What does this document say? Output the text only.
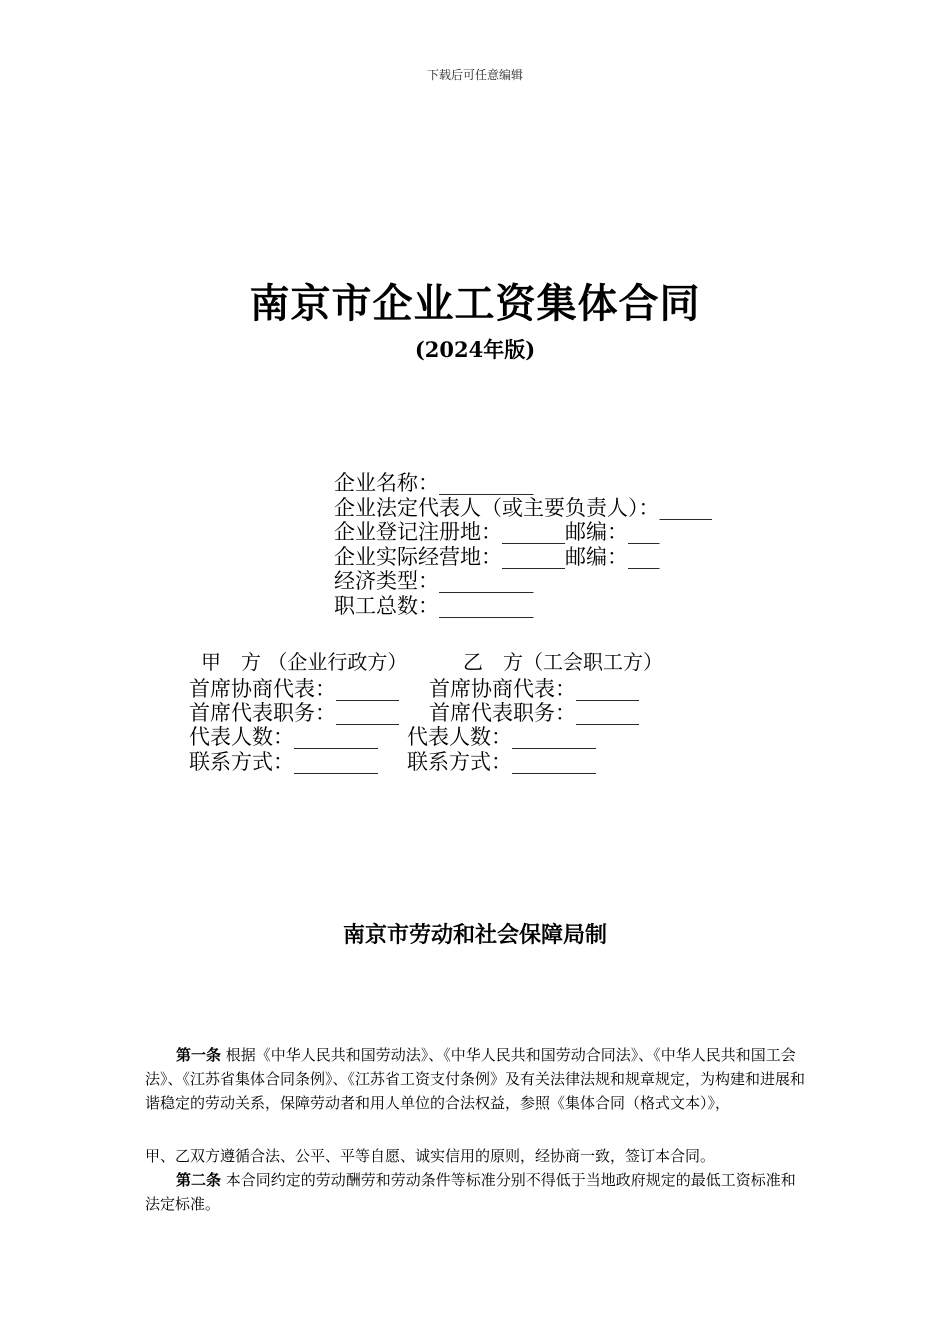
下载后可任意编辑
南京市企业工资集体合同
(2024年版)
企业名称：_________
企业法定代表人（或主要负责人）：_____
企业登记注册地：______邮编：___
企业实际经营地：______邮编：___
经济类型：_________
职工总数：_________
甲　方 （企业行政方）	乙　方（工会职工方）
首席协商代表：______ 首席协商代表：______
首席代表职务：______ 首席代表职务：______
代表人数：________ 代表人数：________
联系方式：________ 联系方式：________
南京市劳动和社会保障局制
第一条 根据《中华人民共和国劳动法》、《中华人民共和国劳动合同法》、《中华人民共和国工会法》、《江苏省集体合同条例》、《江苏省工资支付条例》及有关法律法规和规章规定，为构建和进展和谐稳定的劳动关系，保障劳动者和用人单位的合法权益，参照《集体合同（格式文本）》，
甲、乙双方遵循合法、公平、平等自愿、诚实信用的原则，经协商一致，签订本合同。
第二条 本合同约定的劳动酬劳和劳动条件等标准分别不得低于当地政府规定的最低工资标准和法定标准。
